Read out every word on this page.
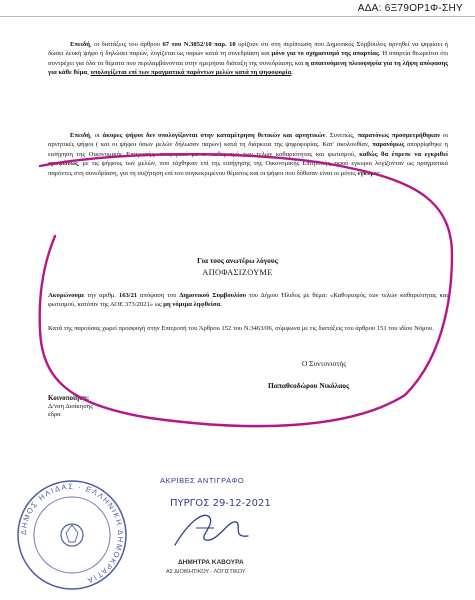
ΑΔΑ: 6Ξ79ΟΡ1Φ-ΣΗΥ
Επειδή, οι διατάξεις του άρθρου 67 του Ν.3852/10 παρ. 10 ορίζουν ότι στη περίπτωση που Δημοτικός Σύμβουλος αρνηθεί να ψηφίσει ή δώσει λευκή ψήφο ή δηλώσει παρών, λογίζεται ως παρών κατά τη συνεδρίαση και μόνο για το σχηματισμό της απαρτίας. Η απαρτία θεωρείται ότι συντρέχει για όλα τα θέματα που περιλαμβάνονται στην ημερήσια διάταξη της συνεδρίασης και η απαιτούμενη πλειοψηφία για τη λήψη απόφασης για κάθε θέμα, υπολογίζεται επί των πραγματικά παρόντων μελών κατά τη ψηφοφορία.
Επειδή, οι άκυρες ψήφοι δεν υπολογίζονται στην καταμέτρηση θετικών και αρνητικών. Συνεπώς, παρατόνως προσμετρήθηκαν οι αρνητικές ψήφοι ( και οι ψήφοι όσων μελών δήλωσαν παρών) κατά τη διάρκεια της ψηφοφορίας. Κατ' ακολουθίαν, παρανόμως απορρίφθηκε η εισήγηση της Οικονομικής Επιτροπής, αναφορικά με το καθορισμό των τελών καθαριότητας και φωτισμού, καθώς θα έπρεπε να εγκριθεί ομοφώνως, με τις ψήφους των μελών, που τάχθηκαν επί της εισήγησης της Οικονομικής Επιτροπής, αφού εγκυροι λογίζονταν ως πραγματικά παρόντες στη συνεδρίαση, για τη συζήτηση επί του συγκεκριμένου θέματος και οι ψήφοι που δόθισαν είναι οι μόνες έγκυρες.
Για τους ανωτέρω λόγους
ΑΠΟΦΑΣΙΖΟΥΜΕ
Ακυρώνουμε την αριθμ. 163/21 απόφαση του Δημοτικού Συμβουλίου του Δήμου Ήλιδος με θέμα: «Καθορισμός των τελών καθαριότητας και φωτισμού, κατόπιν της ΑΟΕ 373/2021» ως μη νόμιμα ληφθείσα.
Κατά της παρούσας χωρεί προσφυγή στην Επιτροπή του Άρθρου 152 του Ν.3463/06, σύμφωνα με τις διατάξεις του άρθρου 151 του ιδίου Νόμου.
Ο Συντονιστής
Παπαθεοδώρου Νικόλαος
Κοινοποίηση:
Δ/νση Διοίκησης
έδρα
ΔΗΜΟΣ ΗΛΙΔΑΣ · ΕΛΛΗΝΙΚΗ ΔΗΜΟΚΡΑΤΙΑ
ΑΚΡΙΒΕΣ ΑΝΤΙΓΡΑΦΟ
ΠΥΡΓΟΣ 29-12-2021
ΔΗΜΗΤΡΑ ΚΑΒΟΥΡΑ
ΑΣ ΔΙΟΙΚΗΤΙΚΟΥ - ΛΟΓΙΣΤΙΚΟΥ
